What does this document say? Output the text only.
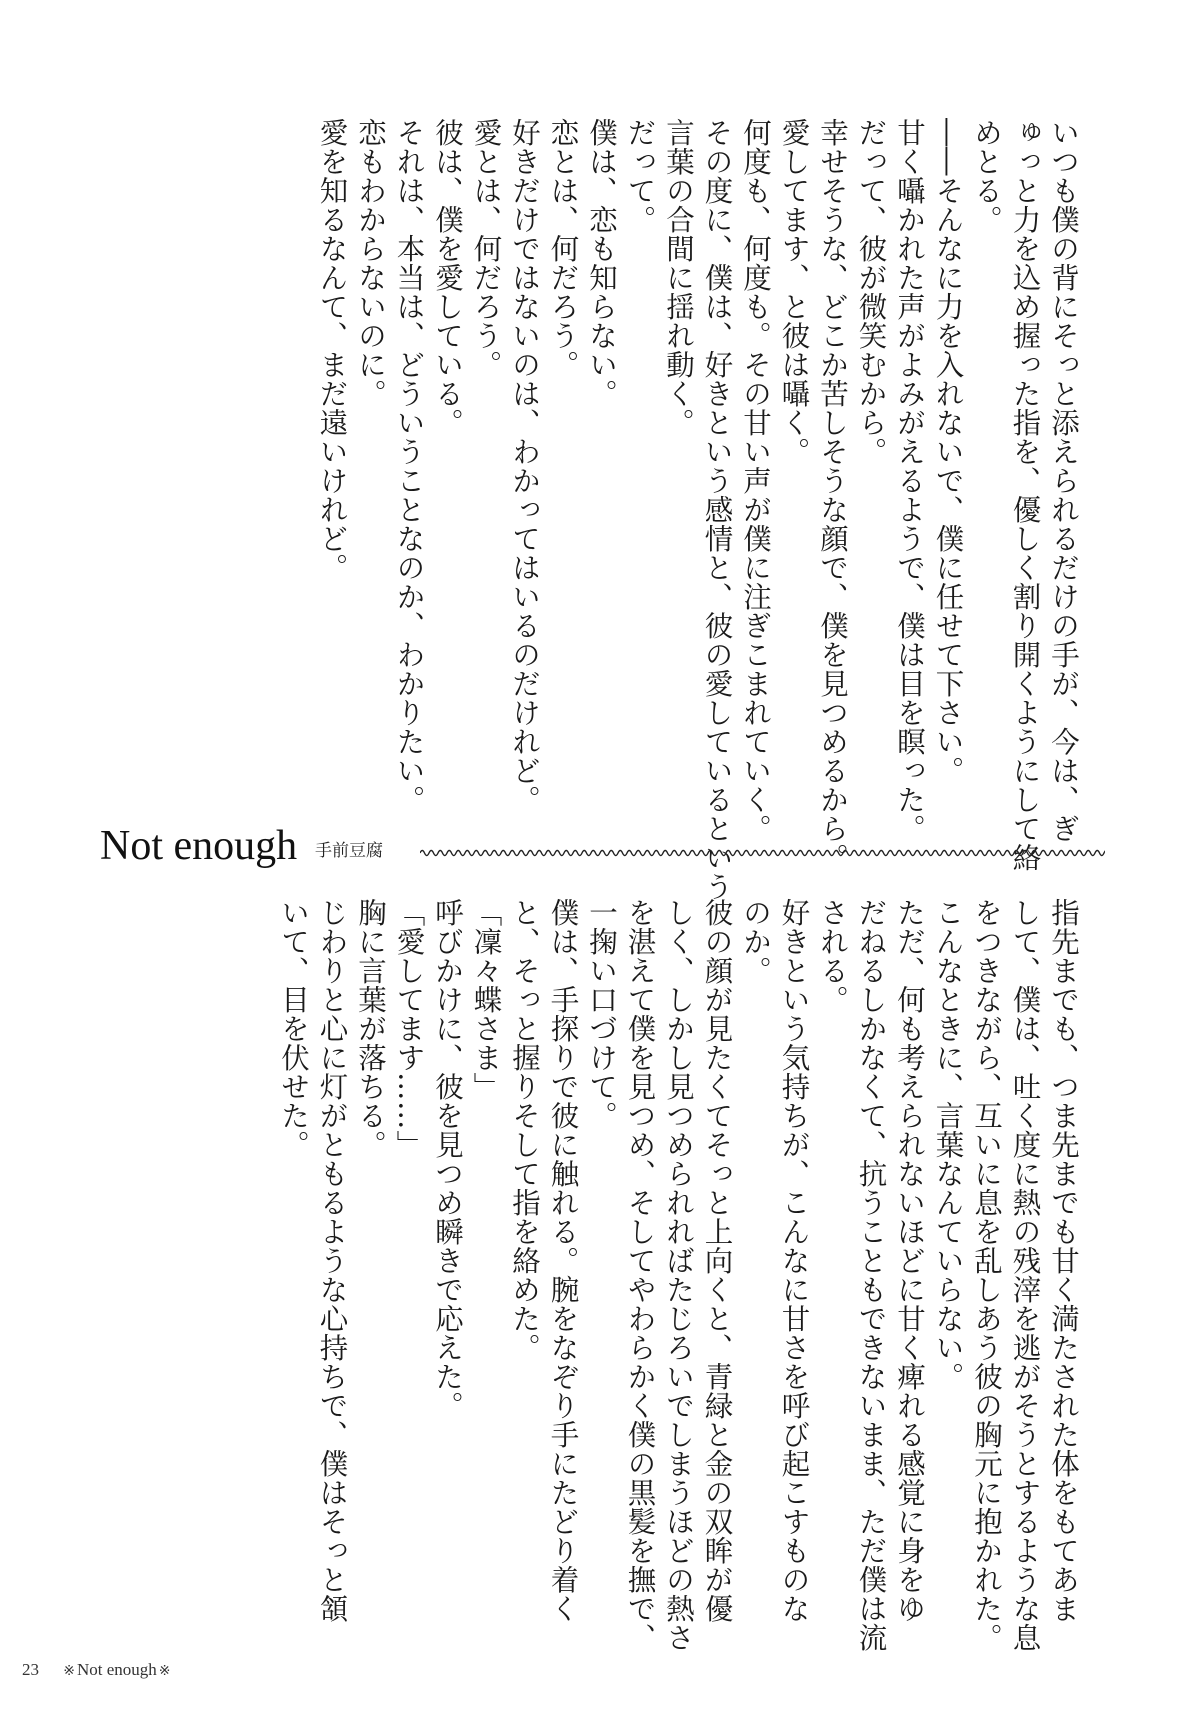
いつも僕の背にそっと添えられるだけの手が、今は、ぎ
ゅっと力を込め握った指を、優しく割り開くようにして絡
めとる。
――そんなに力を入れないで、僕に任せて下さい。
甘く囁かれた声がよみがえるようで、僕は目を瞑った。
だって、彼が微笑むから。
幸せそうな、どこか苦しそうな顔で、僕を見つめるから。
愛してます、と彼は囁く。
何度も、何度も。その甘い声が僕に注ぎこまれていく。
その度に、僕は、好きという感情と、彼の愛しているという
言葉の合間に揺れ動く。
だって。
僕は、恋も知らない。
恋とは、何だろう。
好きだけではないのは、わかってはいるのだけれど。
愛とは、何だろう。
彼は、僕を愛している。
それは、本当は、どういうことなのか、わかりたい。
恋もわからないのに。
愛を知るなんて、まだ遠いけれど。
Not enough 手前豆腐
指先までも、つま先までも甘く満たされた体をもてあま
して、僕は、吐く度に熱の残滓を逃がそうとするような息
をつきながら、互いに息を乱しあう彼の胸元に抱かれた。
こんなときに、言葉なんていらない。
ただ、何も考えられないほどに甘く痺れる感覚に身をゆ
だねるしかなくて、抗うこともできないまま、ただ僕は流
される。
好きという気持ちが、こんなに甘さを呼び起こすものな
のか。
彼の顔が見たくてそっと上向くと、青緑と金の双眸が優
しく、しかし見つめられればたじろいでしまうほどの熱さ
を湛えて僕を見つめ、そしてやわらかく僕の黒髪を撫で、
一掬い口づけて。
僕は、手探りで彼に触れる。腕をなぞり手にたどり着く
と、そっと握りそして指を絡めた。
「凜々蝶さま」
呼びかけに、彼を見つめ瞬きで応えた。
「愛してます……」
胸に言葉が落ちる。
じわりと心に灯がともるような心持ちで、僕はそっと頷
いて、目を伏せた。
23 ※ Not enough ※
